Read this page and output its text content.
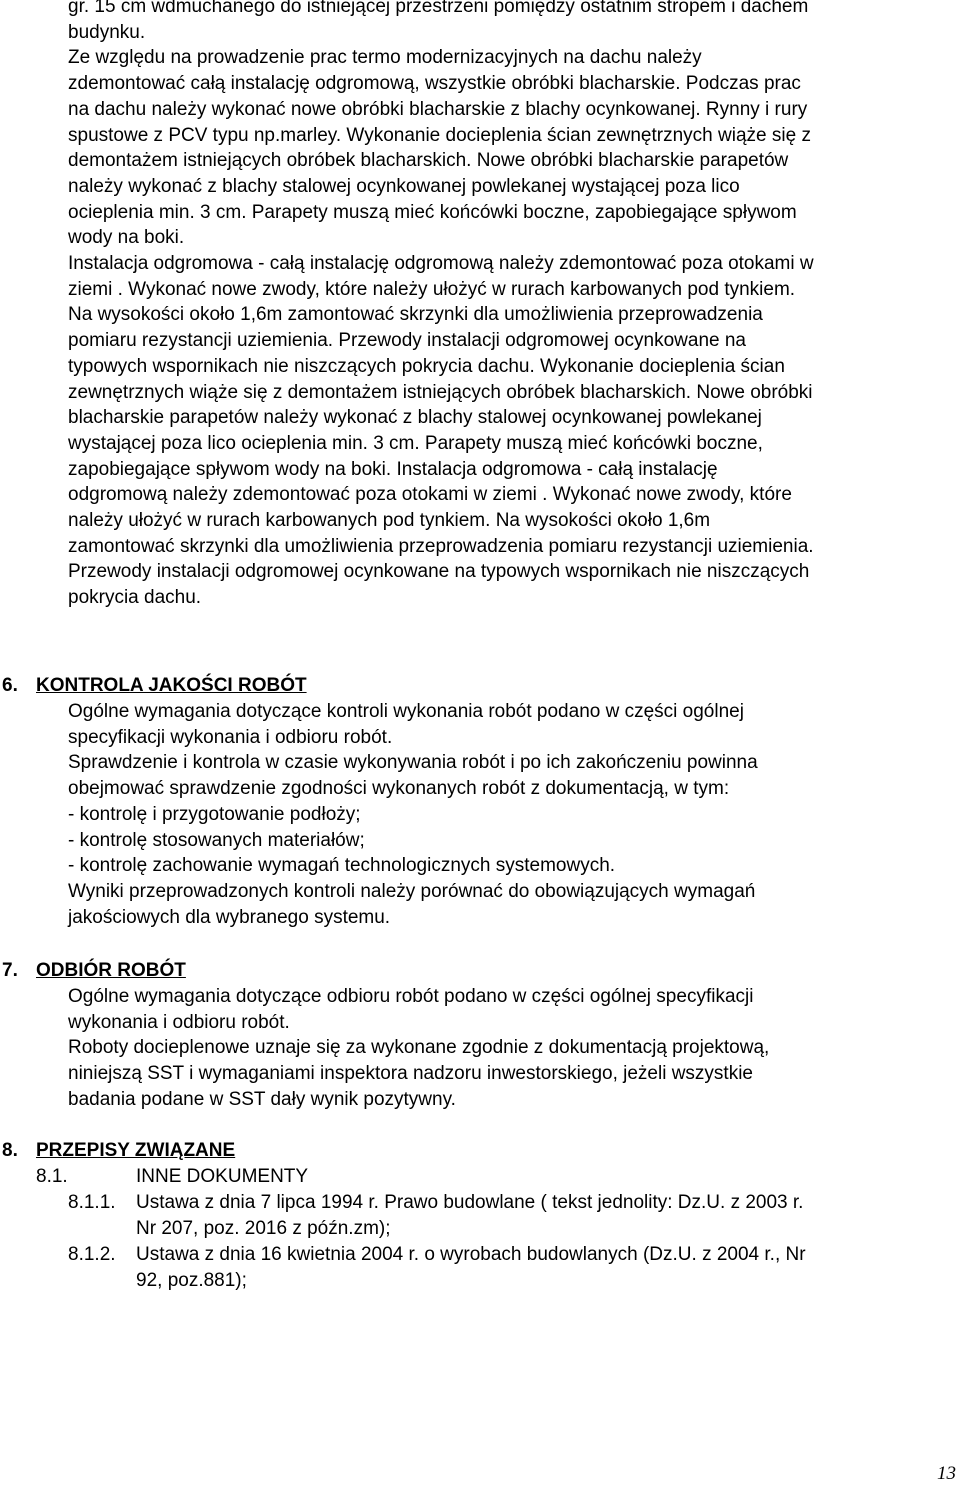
gr. 15 cm wdmuchanego do istniejącej przestrzeni pomiędzy ostatnim stropem i dachem
budynku.
Ze względu na prowadzenie prac termo modernizacyjnych na dachu należy
zdemontować całą instalację odgromową, wszystkie obróbki blacharskie. Podczas prac
na dachu należy wykonać nowe obróbki blacharskie z blachy ocynkowanej. Rynny i rury
spustowe z PCV typu np.marley. Wykonanie docieplenia ścian zewnętrznych wiąże się z
demontażem istniejących obróbek blacharskich. Nowe obróbki blacharskie parapetów
należy wykonać z blachy stalowej ocynkowanej powlekanej wystającej poza lico
ocieplenia min. 3 cm. Parapety muszą mieć końcówki boczne, zapobiegające spływom
wody na boki.
Instalacja odgromowa - całą instalację odgromową należy zdemontować poza otokami w
ziemi . Wykonać nowe zwody, które należy ułożyć w rurach karbowanych pod tynkiem.
Na wysokości około 1,6m zamontować skrzynki dla umożliwienia przeprowadzenia
pomiaru rezystancji uziemienia. Przewody instalacji odgromowej ocynkowane na
typowych wspornikach nie niszczących pokrycia dachu. Wykonanie docieplenia ścian
zewnętrznych wiąże się z demontażem istniejących obróbek blacharskich. Nowe obróbki
blacharskie parapetów należy wykonać z blachy stalowej ocynkowanej powlekanej
wystającej poza lico ocieplenia min. 3 cm. Parapety muszą mieć końcówki boczne,
zapobiegające spływom wody na boki. Instalacja odgromowa - całą instalację
odgromową należy zdemontować poza otokami w ziemi . Wykonać nowe zwody, które
należy ułożyć w rurach karbowanych pod tynkiem. Na wysokości około 1,6m
zamontować skrzynki dla umożliwienia przeprowadzenia pomiaru rezystancji uziemienia.
Przewody instalacji odgromowej ocynkowane na typowych wspornikach nie niszczących
pokrycia dachu.
6. KONTROLA JAKOŚCI ROBÓT
Ogólne wymagania dotyczące kontroli wykonania robót podano w części ogólnej
specyfikacji wykonania i odbioru robót.
Sprawdzenie i kontrola w czasie wykonywania robót i po ich zakończeniu powinna
obejmować sprawdzenie zgodności wykonanych robót z dokumentacją, w tym:
- kontrolę i przygotowanie podłoży;
- kontrolę stosowanych materiałów;
- kontrolę zachowanie wymagań technologicznych systemowych.
Wyniki przeprowadzonych kontroli należy porównać do obowiązujących wymagań
jakościowych dla wybranego systemu.
7. ODBIÓR ROBÓT
Ogólne wymagania dotyczące odbioru robót podano w części ogólnej specyfikacji
wykonania i odbioru robót.
Roboty docieplenowe uznaje się za wykonane zgodnie z dokumentacją projektową,
niniejszą SST i wymaganiami inspektora nadzoru inwestorskiego, jeżeli wszystkie
badania podane w SST dały wynik pozytywny.
8. PRZEPISY ZWIĄZANE
8.1.	INNE DOKUMENTY
8.1.1. Ustawa z dnia 7 lipca 1994 r. Prawo budowlane ( tekst jednolity: Dz.U. z 2003 r.
Nr 207, poz. 2016 z późn.zm);
8.1.2. Ustawa z dnia 16 kwietnia 2004 r. o wyrobach budowlanych (Dz.U. z 2004 r., Nr
92, poz.881);
13
